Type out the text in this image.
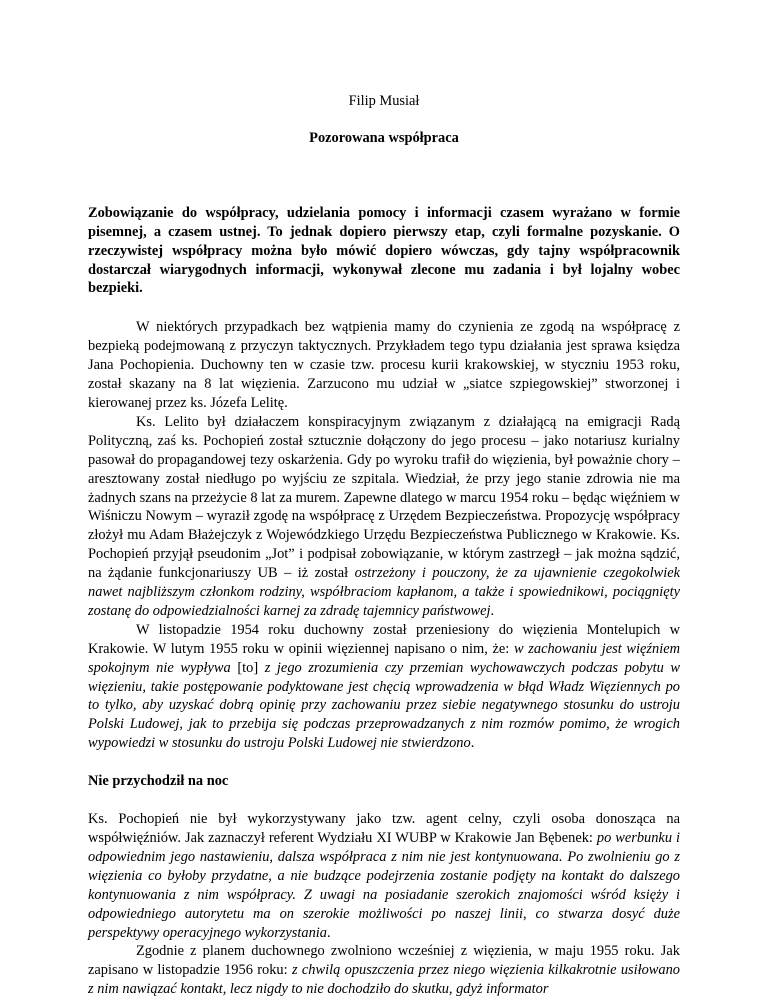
Filip Musiał

Pozorowana współpraca

Zobowiązanie do współpracy, udzielania pomocy i informacji czasem wyrażano w formie pisemnej, a czasem ustnej. To jednak dopiero pierwszy etap, czyli formalne pozyskanie. O rzeczywistej współpracy można było mówić dopiero wówczas, gdy tajny współpracownik dostarczał wiarygodnych informacji, wykonywał zlecone mu zadania i był lojalny wobec bezpieki.

W niektórych przypadkach bez wątpienia mamy do czynienia ze zgodą na współpracę z bezpieką podejmowaną z przyczyn taktycznych. Przykładem tego typu działania jest sprawa księdza Jana Pochopienia. Duchowny ten w czasie tzw. procesu kurii krakowskiej, w styczniu 1953 roku, został skazany na 8 lat więzienia. Zarzucono mu udział w „siatce szpiegowskiej” stworzonej i kierowanej przez ks. Józefa Lelitę.

Ks. Lelito był działaczem konspiracyjnym związanym z działającą na emigracji Radą Polityczną, zaś ks. Pochopień został sztucznie dołączony do jego procesu – jako notariusz kurialny pasował do propagandowej tezy oskarżenia. Gdy po wyroku trafił do więzienia, był poważnie chory – aresztowany został niedługo po wyjściu ze szpitala. Wiedział, że przy jego stanie zdrowia nie ma żadnych szans na przeżycie 8 lat za murem. Zapewne dlatego w marcu 1954 roku – będąc więźniem w Wiśniczu Nowym – wyraził zgodę na współpracę z Urzędem Bezpieczeństwa. Propozycję współpracy złożył mu Adam Błażejczyk z Wojewódzkiego Urzędu Bezpieczeństwa Publicznego w Krakowie. Ks. Pochopień przyjął pseudonim „Jot” i podpisał zobowiązanie, w którym zastrzegł – jak można sądzić, na żądanie funkcjonariuszy UB – iż został ostrzeżony i pouczony, że za ujawnienie czegokolwiek nawet najbliższym członkom rodziny, współbraciom kapłanom, a także i spowiednikowi, pociągnięty zostanę do odpowiedzialności karnej za zdradę tajemnicy państwowej.

W listopadzie 1954 roku duchowny został przeniesiony do więzienia Montelupich w Krakowie. W lutym 1955 roku w opinii więziennej napisano o nim, że: w zachowaniu jest więźniem spokojnym nie wypływa [to] z jego zrozumienia czy przemian wychowawczych podczas pobytu w więzieniu, takie postępowanie podyktowane jest chęcią wprowadzenia w błąd Władz Więziennych po to tylko, aby uzyskać dobrą opinię przy zachowaniu przez siebie negatywnego stosunku do ustroju Polski Ludowej, jak to przebija się podczas przeprowadzanych z nim rozmów pomimo, że wrogich wypowiedzi w stosunku do ustroju Polski Ludowej nie stwierdzono.

Nie przychodził na noc

Ks. Pochopień nie był wykorzystywany jako tzw. agent celny, czyli osoba donosząca na współwięźniów. Jak zaznaczył referent Wydziału XI WUBP w Krakowie Jan Bębenek: po werbunku i odpowiednim jego nastawieniu, dalsza współpraca z nim nie jest kontynuowana. Po zwolnieniu go z więzienia co byłoby przydatne, a nie budzące podejrzenia zostanie podjęty na kontakt do dalszego kontynuowania z nim współpracy. Z uwagi na posiadanie szerokich znajomości wśród księży i odpowiedniego autorytetu ma on szerokie możliwości po naszej linii, co stwarza dosyć duże perspektywy operacyjnego wykorzystania.

Zgodnie z planem duchownego zwolniono wcześniej z więzienia, w maju 1955 roku. Jak zapisano w listopadzie 1956 roku: z chwilą opuszczenia przez niego więzienia kilkakrotnie usiłowano z nim nawiązać kontakt, lecz nigdy to nie dochodziło do skutku, gdyż informator
